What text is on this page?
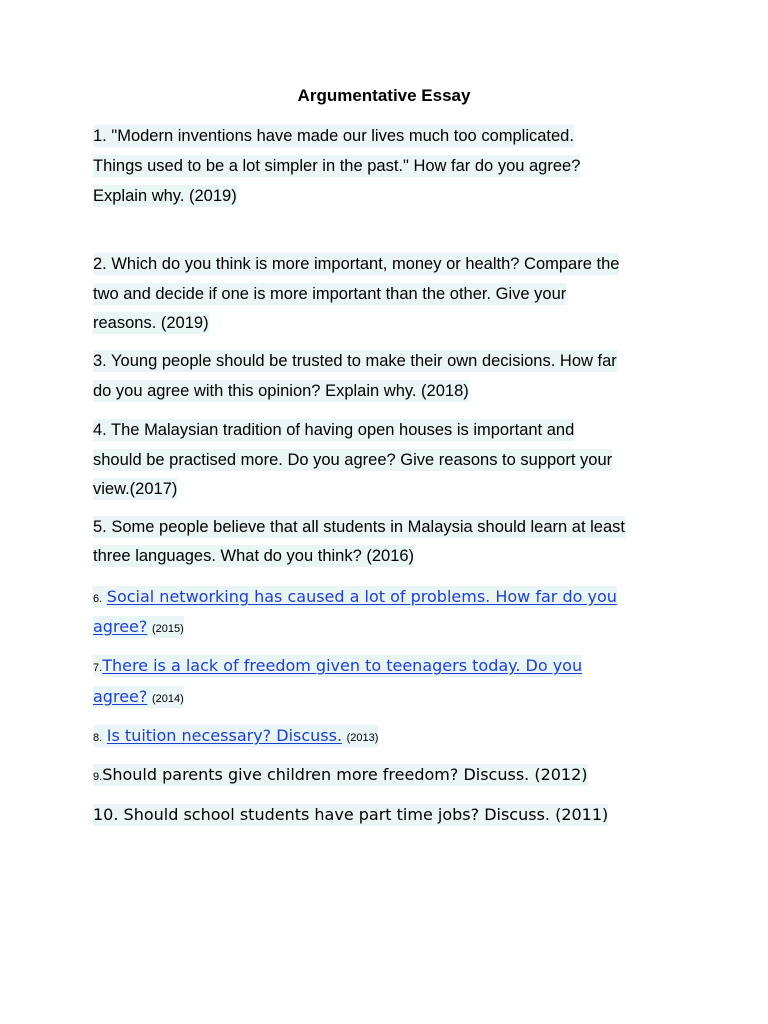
Argumentative Essay
1. "Modern inventions have made our lives much too complicated.
Things used to be a lot simpler in the past." How far do you agree?
Explain why. (2019)
2. Which do you think is more important, money or health? Compare the
two and decide if one is more important than the other. Give your
reasons. (2019)
3. Young people should be trusted to make their own decisions. How far
do you agree with this opinion? Explain why. (2018)
4. The Malaysian tradition of having open houses is important and
should be practised more. Do you agree? Give reasons to support your
view.(2017)
5. Some people believe that all students in Malaysia should learn at least
three languages. What do you think? (2016)
6. Social networking has caused a lot of problems. How far do you
agree? (2015)
7.There is a lack of freedom given to teenagers today. Do you
agree? (2014)
8. Is tuition necessary? Discuss. (2013)
9.Should parents give children more freedom? Discuss. (2012)
10. Should school students have part time jobs? Discuss. (2011)
